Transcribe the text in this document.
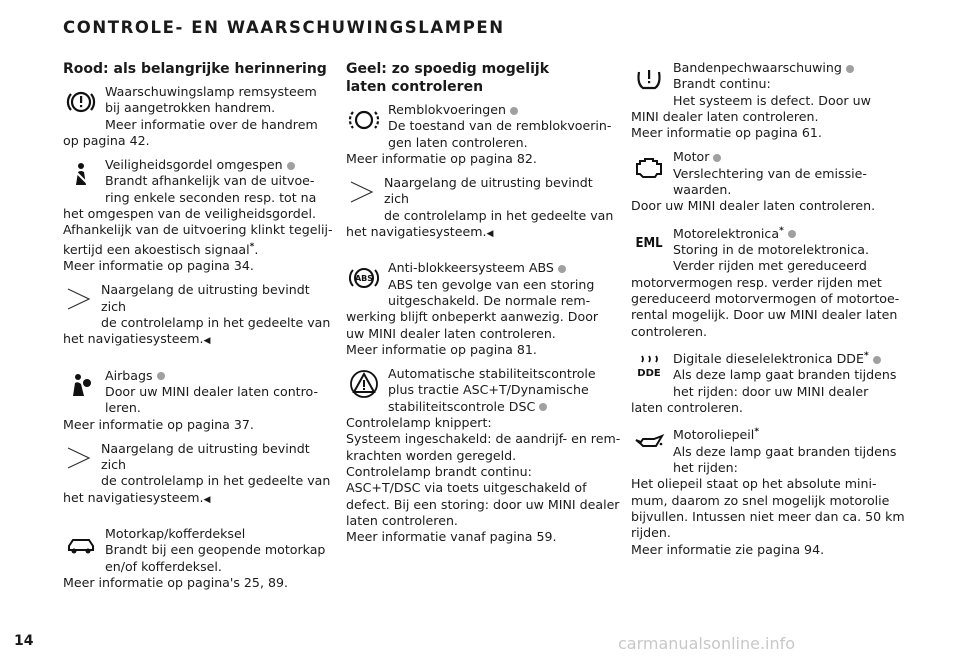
CONTROLE- EN WAARSCHUWINGSLAMPEN
Rood: als belangrijke herinnering
Waarschuwingslamp remsysteem
bij aangetrokken handrem.
Meer informatie over de handrem
op pagina 42.
Veiligheidsgordel omgespen
Brandt afhankelijk van de uitvoe-
ring enkele seconden resp. tot na
het omgespen van de veiligheidsgordel.
Afhankelijk van de uitvoering klinkt tegelij-
kertijd een akoestisch signaal*.
Meer informatie op pagina 34.
Naargelang de uitrusting bevindt zich
de controlelamp in het gedeelte van
het navigatiesysteem.◀
Airbags
Door uw MINI dealer laten contro-
leren.
Meer informatie op pagina 37.
Naargelang de uitrusting bevindt zich
de controlelamp in het gedeelte van
het navigatiesysteem.◀
Motorkap/kofferdeksel
Brandt bij een geopende motorkap
en/of kofferdeksel.
Meer informatie op pagina's 25, 89.
Geel: zo spoedig mogelijk laten controleren
Remblokvoeringen
De toestand van de remblokvoerin-
gen laten controleren.
Meer informatie op pagina 82.
Naargelang de uitrusting bevindt zich
de controlelamp in het gedeelte van
het navigatiesysteem.◀
ABS
Anti-blokkeersysteem ABS
ABS ten gevolge van een storing
uitgeschakeld. De normale rem-
werking blijft onbeperkt aanwezig. Door
uw MINI dealer laten controleren.
Meer informatie op pagina 81.
Automatische stabiliteitscontrole
plus tractie ASC+T/Dynamische
stabiliteitscontrole DSC
Controlelamp knippert:
Systeem ingeschakeld: de aandrijf- en rem-
krachten worden geregeld.
Controlelamp brandt continu:
ASC+T/DSC via toets uitgeschakeld of
defect. Bij een storing: door uw MINI dealer
laten controleren.
Meer informatie vanaf pagina 59.
Bandenpechwaarschuwing
Brandt continu:
Het systeem is defect. Door uw
MINI dealer laten controleren.
Meer informatie op pagina 61.
Motor
Verslechtering van de emissie-
waarden.
Door uw MINI dealer laten controleren.
EML
Motorelektronica*
Storing in de motorelektronica.
Verder rijden met gereduceerd
motorvermogen resp. verder rijden met
gereduceerd motorvermogen of motortoe-
rental mogelijk. Door uw MINI dealer laten
controleren.
DDE
Digitale dieselelektronica DDE*
Als deze lamp gaat branden tijdens
het rijden: door uw MINI dealer
laten controleren.
Motoroliepeil*
Als deze lamp gaat branden tijdens
het rijden:
Het oliepeil staat op het absolute mini-
mum, daarom zo snel mogelijk motorolie
bijvullen. Intussen niet meer dan ca. 50 km
rijden.
Meer informatie zie pagina 94.
14	carmanualsonline.info
